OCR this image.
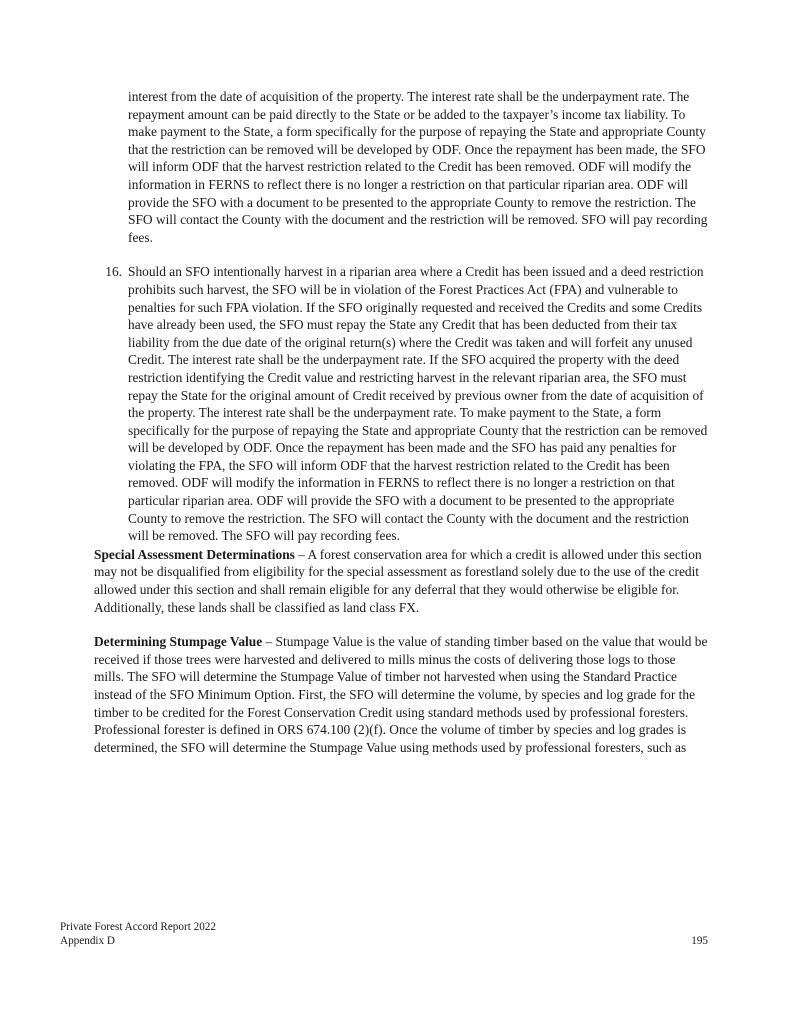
interest from the date of acquisition of the property. The interest rate shall be the underpayment rate. The repayment amount can be paid directly to the State or be added to the taxpayer’s income tax liability. To make payment to the State, a form specifically for the purpose of repaying the State and appropriate County that the restriction can be removed will be developed by ODF. Once the repayment has been made, the SFO will inform ODF that the harvest restriction related to the Credit has been removed. ODF will modify the information in FERNS to reflect there is no longer a restriction on that particular riparian area. ODF will provide the SFO with a document to be presented to the appropriate County to remove the restriction. The SFO will contact the County with the document and the restriction will be removed. SFO will pay recording fees.

16. Should an SFO intentionally harvest in a riparian area where a Credit has been issued and a deed restriction prohibits such harvest, the SFO will be in violation of the Forest Practices Act (FPA) and vulnerable to penalties for such FPA violation. If the SFO originally requested and received the Credits and some Credits have already been used, the SFO must repay the State any Credit that has been deducted from their tax liability from the due date of the original return(s) where the Credit was taken and will forfeit any unused Credit. The interest rate shall be the underpayment rate. If the SFO acquired the property with the deed restriction identifying the Credit value and restricting harvest in the relevant riparian area, the SFO must repay the State for the original amount of Credit received by previous owner from the date of acquisition of the property. The interest rate shall be the underpayment rate. To make payment to the State, a form specifically for the purpose of repaying the State and appropriate County that the restriction can be removed will be developed by ODF. Once the repayment has been made and the SFO has paid any penalties for violating the FPA, the SFO will inform ODF that the harvest restriction related to the Credit has been removed. ODF will modify the information in FERNS to reflect there is no longer a restriction on that particular riparian area. ODF will provide the SFO with a document to be presented to the appropriate County to remove the restriction. The SFO will contact the County with the document and the restriction will be removed. The SFO will pay recording fees.

Special Assessment Determinations – A forest conservation area for which a credit is allowed under this section may not be disqualified from eligibility for the special assessment as forestland solely due to the use of the credit allowed under this section and shall remain eligible for any deferral that they would otherwise be eligible for. Additionally, these lands shall be classified as land class FX.

Determining Stumpage Value – Stumpage Value is the value of standing timber based on the value that would be received if those trees were harvested and delivered to mills minus the costs of delivering those logs to those mills. The SFO will determine the Stumpage Value of timber not harvested when using the Standard Practice instead of the SFO Minimum Option. First, the SFO will determine the volume, by species and log grade for the timber to be credited for the Forest Conservation Credit using standard methods used by professional foresters. Professional forester is defined in ORS 674.100 (2)(f). Once the volume of timber by species and log grades is determined, the SFO will determine the Stumpage Value using methods used by professional foresters, such as

Private Forest Accord Report 2022
Appendix D	195
